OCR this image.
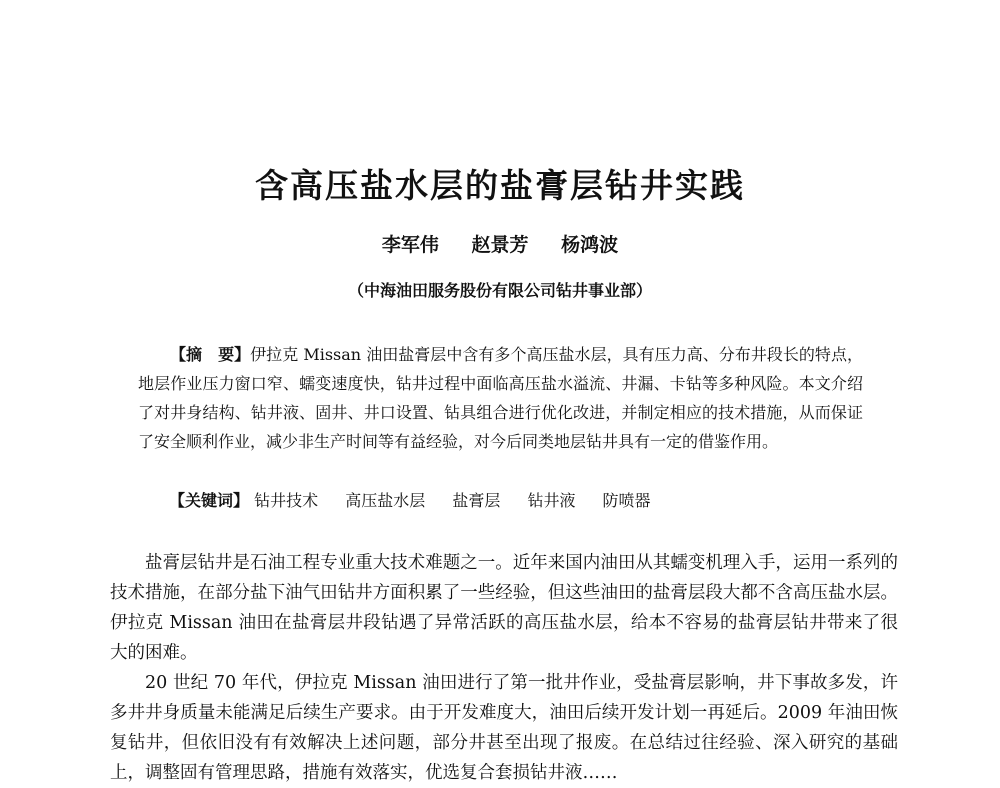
含高压盐水层的盐膏层钻井实践
李军伟 赵景芳 杨鸿波
（中海油田服务股份有限公司钻井事业部）

【摘　要】伊拉克 Missan 油田盐膏层中含有多个高压盐水层，具有压力高、分布井段长的特点，地层作业压力窗口窄、蠕变速度快，钻井过程中面临高压盐水溢流、井漏、卡钻等多种风险。本文介绍了对井身结构、钻井液、固井、井口设置、钻具组合进行优化改进，并制定相应的技术措施，从而保证了安全顺利作业，减少非生产时间等有益经验，对今后同类地层钻井具有一定的借鉴作用。

【关键词】 钻井技术 高压盐水层 盐膏层 钻井液 防喷器

盐膏层钻井是石油工程专业重大技术难题之一。近年来国内油田从其蠕变机理入手，运用一系列的技术措施，在部分盐下油气田钻井方面积累了一些经验，但这些油田的盐膏层段大都不含高压盐水层。伊拉克 Missan 油田在盐膏层井段钻遇了异常活跃的高压盐水层，给本不容易的盐膏层钻井带来了很大的困难。

20 世纪 70 年代，伊拉克 Missan 油田进行了第一批井作业，受盐膏层影响，井下事故多发，许多井井身质量未能满足后续生产要求。由于开发难度大，油田后续开发计划一再延后。2009 年油田恢复钻井，但依旧没有有效解决上述问题，部分井甚至出现了报废。在总结过往经验、深入研究的基础上，调整固有管理思路，措施有效落实，优选复合套损钻井液……
